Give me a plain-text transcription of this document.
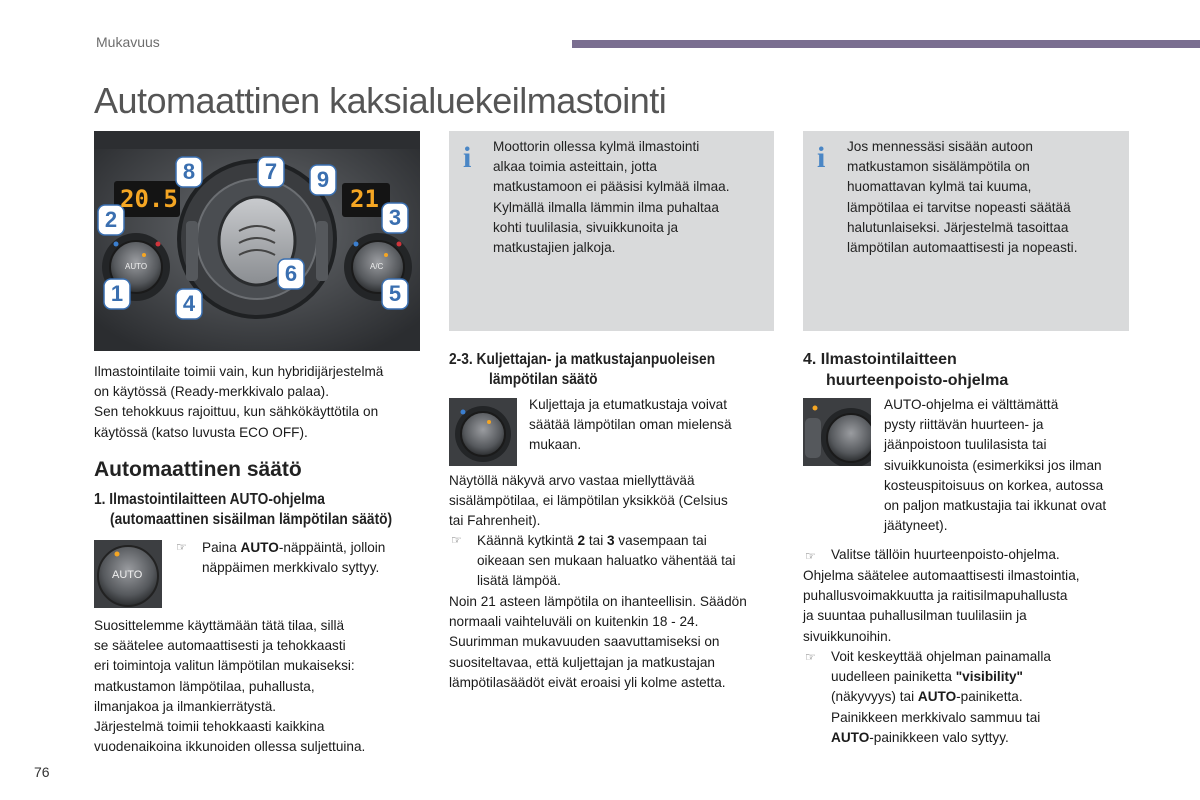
Mukavuus
Automaattinen kaksialuekeilmastointi
20.5	21
AUTO	A/C
1
2	3
4	5
6
7
8	9
i Moottorin ollessa kylmä ilmastointi
alkaa toimia asteittain, jotta
matkustamoon ei pääsisi kylmää ilmaa.
Kylmällä ilmalla lämmin ilma puhaltaa
kohti tuulilasia, sivuikkunoita ja
matkustajien jalkoja.
i Jos mennessäsi sisään autoon
matkustamon sisälämpötila on
huomattavan kylmä tai kuuma,
lämpötilaa ei tarvitse nopeasti säätää
halutunlaiseksi. Järjestelmä tasoittaa
lämpötilan automaattisesti ja nopeasti.
Ilmastointilaite toimii vain, kun hybridijärjestelmä
on käytössä (Ready-merkkivalo palaa).
Sen tehokkuus rajoittuu, kun sähkökäyttötila on
käytössä (katso luvusta ECO OFF).
Automaattinen säätö
1. Ilmastointilaitteen AUTO-ohjelma
(automaattinen sisäilman lämpötilan säätö)
AUTO
☞ Paina AUTO-näppäintä, jolloin
näppäimen merkkivalo syttyy.
Suosittelemme käyttämään tätä tilaa, sillä
se säätelee automaattisesti ja tehokkaasti
eri toimintoja valitun lämpötilan mukaiseksi:
matkustamon lämpötilaa, puhallusta,
ilmanjakoa ja ilmankierrätystä.
Järjestelmä toimii tehokkaasti kaikkina
vuodenaikoina ikkunoiden ollessa suljettuina.
2-3. Kuljettajan- ja matkustajanpuoleisen
lämpötilan säätö
Kuljettaja ja etumatkustaja voivat
säätää lämpötilan oman mielensä
mukaan.
Näytöllä näkyvä arvo vastaa miellyttävää
sisälämpötilaa, ei lämpötilan yksikköä (Celsius
tai Fahrenheit).
☞ Käännä kytkintä 2 tai 3 vasempaan tai
oikeaan sen mukaan haluatko vähentää tai
lisätä lämpöä.
Noin 21 asteen lämpötila on ihanteellisin. Säädön
normaali vaihteluväli on kuitenkin 18 - 24.
Suurimman mukavuuden saavuttamiseksi on
suositeltavaa, että kuljettajan ja matkustajan
lämpötilasäädöt eivät eroaisi yli kolme astetta.
4. Ilmastointilaitteen
huurteenpoisto-ohjelma
AUTO-ohjelma ei välttämättä
pysty riittävän huurteen- ja
jäänpoistoon tuulilasista tai
sivuikkunoista (esimerkiksi jos ilman
kosteuspitoisuus on korkea, autossa
on paljon matkustajia tai ikkunat ovat
jäätyneet).
☞ Valitse tällöin huurteenpoisto-ohjelma.
Ohjelma säätelee automaattisesti ilmastointia,
puhallusvoimakkuutta ja raitisilmapuhallusta
ja suuntaa puhallusilman tuulilasiin ja
sivuikkunoihin.
☞ Voit keskeyttää ohjelman painamalla
uudelleen painiketta "visibility"
(näkyvyys) tai AUTO-painiketta.
Painikkeen merkkivalo sammuu tai
AUTO-painikkeen valo syttyy.
76
